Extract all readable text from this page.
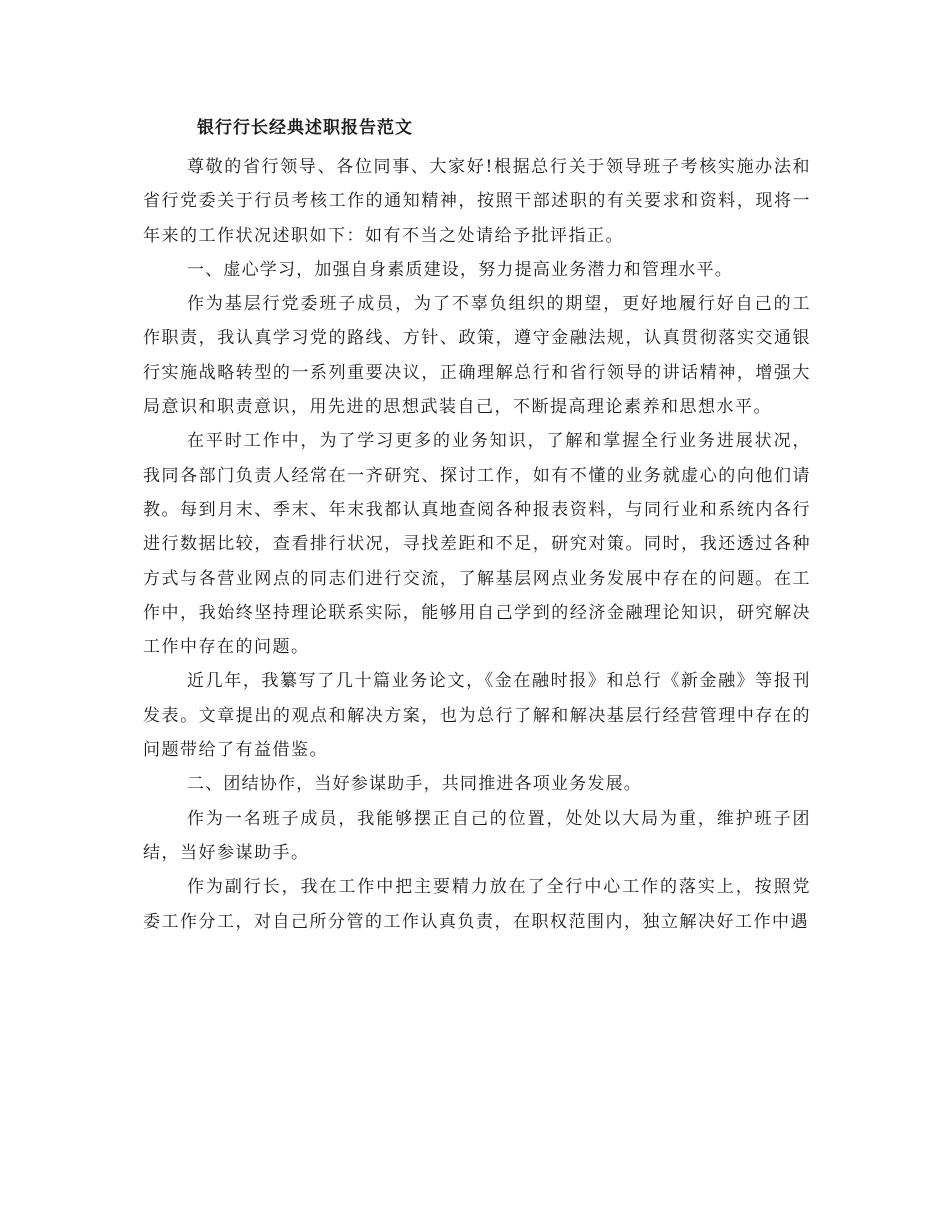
银行行长经典述职报告范文

尊敬的省行领导、各位同事、大家好!根据总行关于领导班子考核实施办法和省行党委关于行员考核工作的通知精神，按照干部述职的有关要求和资料，现将一年来的工作状况述职如下：如有不当之处请给予批评指正。

一、虚心学习，加强自身素质建设，努力提高业务潜力和管理水平。

作为基层行党委班子成员，为了不辜负组织的期望，更好地履行好自己的工作职责，我认真学习党的路线、方针、政策，遵守金融法规，认真贯彻落实交通银行实施战略转型的一系列重要决议，正确理解总行和省行领导的讲话精神，增强大局意识和职责意识，用先进的思想武装自己，不断提高理论素养和思想水平。

在平时工作中，为了学习更多的业务知识，了解和掌握全行业务进展状况，我同各部门负责人经常在一齐研究、探讨工作，如有不懂的业务就虚心的向他们请教。每到月末、季末、年末我都认真地查阅各种报表资料，与同行业和系统内各行进行数据比较，查看排行状况，寻找差距和不足，研究对策。同时，我还透过各种方式与各营业网点的同志们进行交流，了解基层网点业务发展中存在的问题。在工作中，我始终坚持理论联系实际，能够用自己学到的经济金融理论知识，研究解决工作中存在的问题。

近几年，我纂写了几十篇业务论文，《金在融时报》和总行《新金融》等报刊发表。文章提出的观点和解决方案，也为总行了解和解决基层行经营管理中存在的问题带给了有益借鉴。

二、团结协作，当好参谋助手，共同推进各项业务发展。

作为一名班子成员，我能够摆正自己的位置，处处以大局为重，维护班子团结，当好参谋助手。

作为副行长，我在工作中把主要精力放在了全行中心工作的落实上，按照党委工作分工，对自己所分管的工作认真负责，在职权范围内，独立解决好工作中遇
